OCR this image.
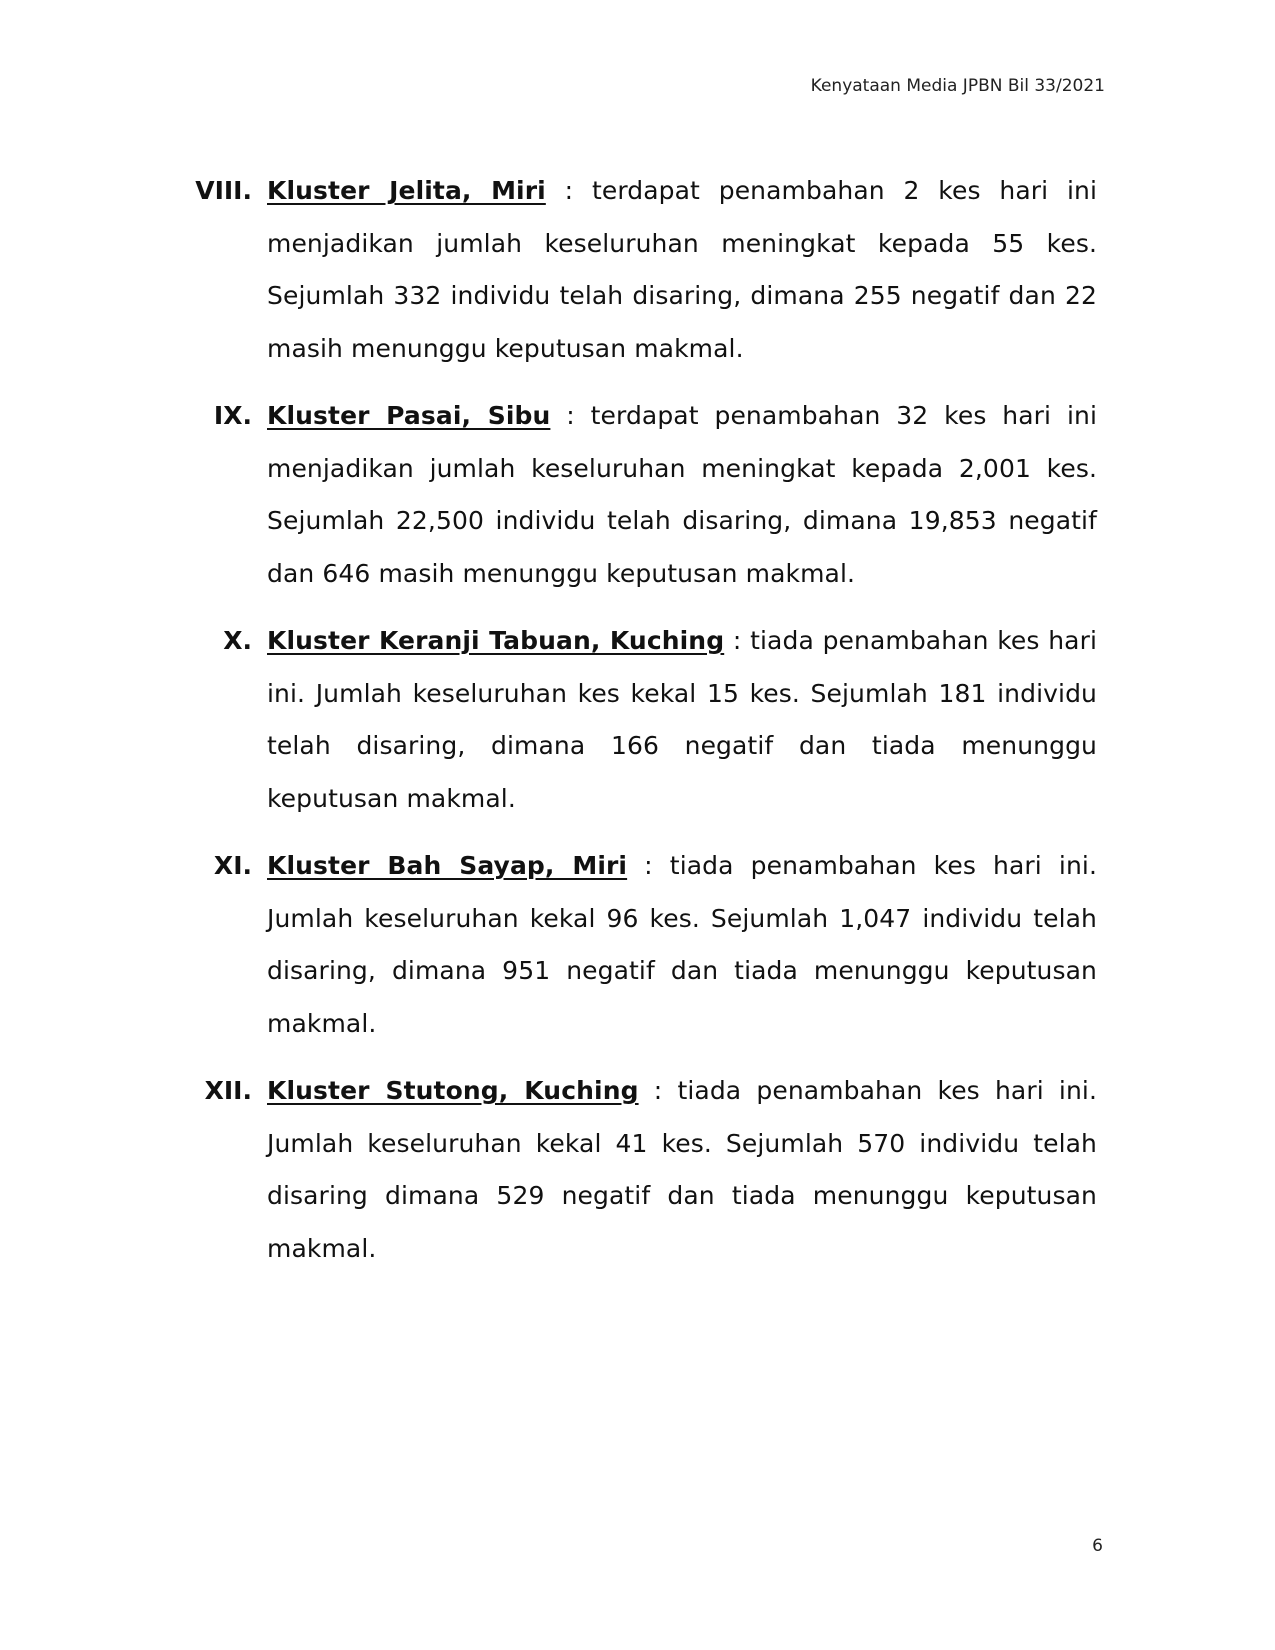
Kenyataan Media JPBN Bil 33/2021
VIII. Kluster Jelita, Miri : terdapat penambahan 2 kes hari ini menjadikan jumlah keseluruhan meningkat kepada 55 kes. Sejumlah 332 individu telah disaring, dimana 255 negatif dan 22 masih menunggu keputusan makmal.
IX. Kluster Pasai, Sibu : terdapat penambahan 32 kes hari ini menjadikan jumlah keseluruhan meningkat kepada 2,001 kes. Sejumlah 22,500 individu telah disaring, dimana 19,853 negatif dan 646 masih menunggu keputusan makmal.
X. Kluster Keranji Tabuan, Kuching : tiada penambahan kes hari ini. Jumlah keseluruhan kes kekal 15 kes. Sejumlah 181 individu telah disaring, dimana 166 negatif dan tiada menunggu keputusan makmal.
XI. Kluster Bah Sayap, Miri : tiada penambahan kes hari ini. Jumlah keseluruhan kekal 96 kes. Sejumlah 1,047 individu telah disaring, dimana 951 negatif dan tiada menunggu keputusan makmal.
XII. Kluster Stutong, Kuching : tiada penambahan kes hari ini. Jumlah keseluruhan kekal 41 kes. Sejumlah 570 individu telah disaring dimana 529 negatif dan tiada menunggu keputusan makmal.
6
